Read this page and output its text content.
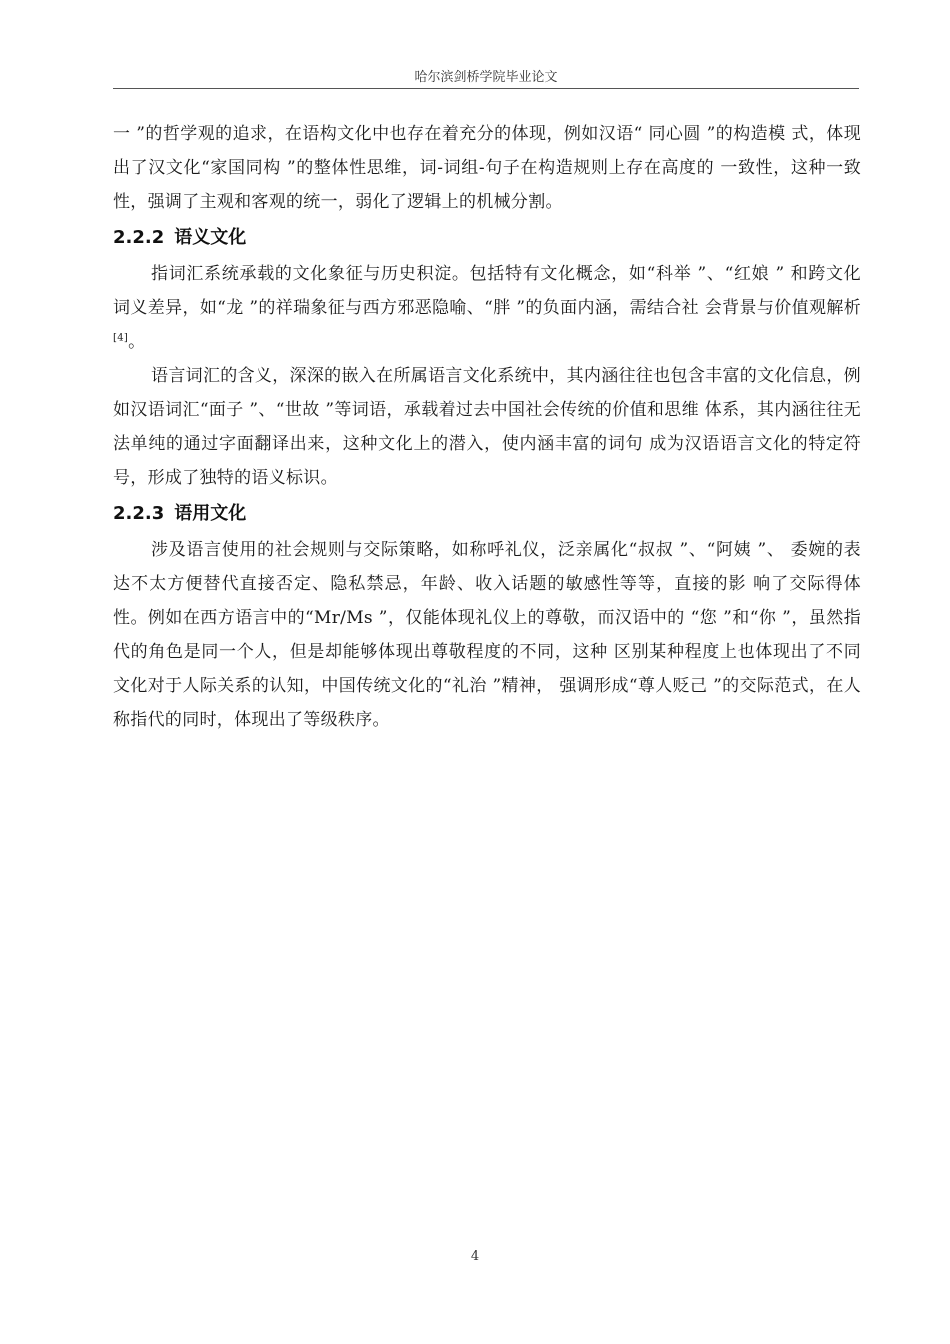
哈尔滨剑桥学院毕业论文

一 ”的哲学观的追求，在语构文化中也存在着充分的体现，例如汉语“ 同心圆 ”的构造模 式，体现出了汉文化“家国同构 ”的整体性思维，词-词组-句子在构造规则上存在高度的 一致性，这种一致性，强调了主观和客观的统一，弱化了逻辑上的机械分割。

2.2.2 语义文化

指词汇系统承载的文化象征与历史积淀。包括特有文化概念，如“科举 ”、“红娘 ” 和跨文化词义差异，如“龙 ”的祥瑞象征与西方邪恶隐喻、“胖 ”的负面内涵，需结合社 会背景与价值观解析[4]。

语言词汇的含义，深深的嵌入在所属语言文化系统中，其内涵往往也包含丰富的文化信息，例如汉语词汇“面子 ”、“世故 ”等词语，承载着过去中国社会传统的价值和思维 体系，其内涵往往无法单纯的通过字面翻译出来，这种文化上的潜入，使内涵丰富的词句 成为汉语语言文化的特定符号，形成了独特的语义标识。

2.2.3 语用文化

涉及语言使用的社会规则与交际策略，如称呼礼仪，泛亲属化“叔叔 ”、“阿姨 ”、 委婉的表达不太方便替代直接否定、隐私禁忌，年龄、收入话题的敏感性等等，直接的影 响了交际得体性。例如在西方语言中的“Mr/Ms ”，仅能体现礼仪上的尊敬，而汉语中的 “您 ”和“你 ”，虽然指代的角色是同一个人，但是却能够体现出尊敬程度的不同，这种 区别某种程度上也体现出了不同文化对于人际关系的认知，中国传统文化的“礼治 ”精神， 强调形成“尊人贬己 ”的交际范式，在人称指代的同时，体现出了等级秩序。

4
